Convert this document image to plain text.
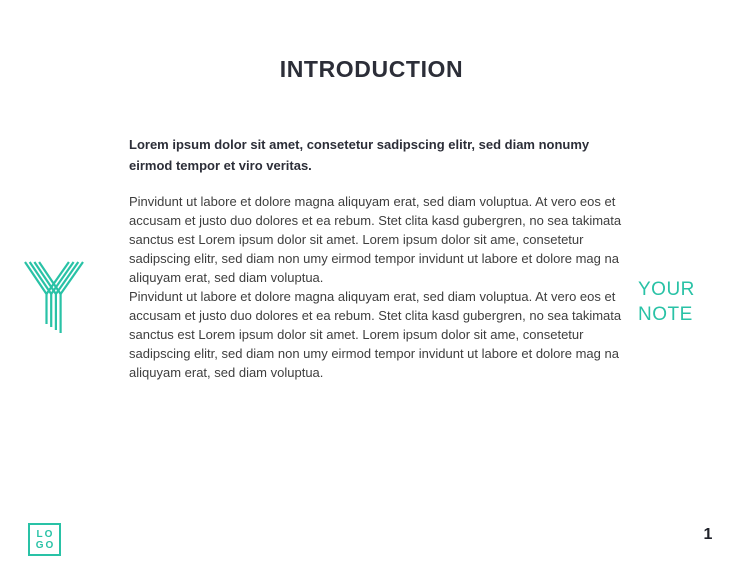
INTRODUCTION

Lorem ipsum dolor sit amet, consetetur sadipscing elitr, sed diam nonumy eirmod tempor et viro veritas.

Pinvidunt ut labore et dolore magna aliquyam erat, sed diam voluptua. At vero eos et accusam et justo duo dolores et ea rebum. Stet clita kasd gubergren, no sea takimata sanctus est Lorem ipsum dolor sit amet. Lorem ipsum dolor sit ame, consetetur sadipscing elitr, sed diam non umy eirmod tempor invidunt ut labore et dolore mag na aliquyam erat, sed diam voluptua.

Pinvidunt ut labore et dolore magna aliquyam erat, sed diam voluptua. At vero eos et accusam et justo duo dolores et ea rebum. Stet clita kasd gubergren, no sea takimata sanctus est Lorem ipsum dolor sit amet. Lorem ipsum dolor sit ame, consetetur sadipscing elitr, sed diam non umy eirmod tempor invidunt ut labore et dolore mag na aliquyam erat, sed diam voluptua.

YOUR
NOTE
LO
GO
1
